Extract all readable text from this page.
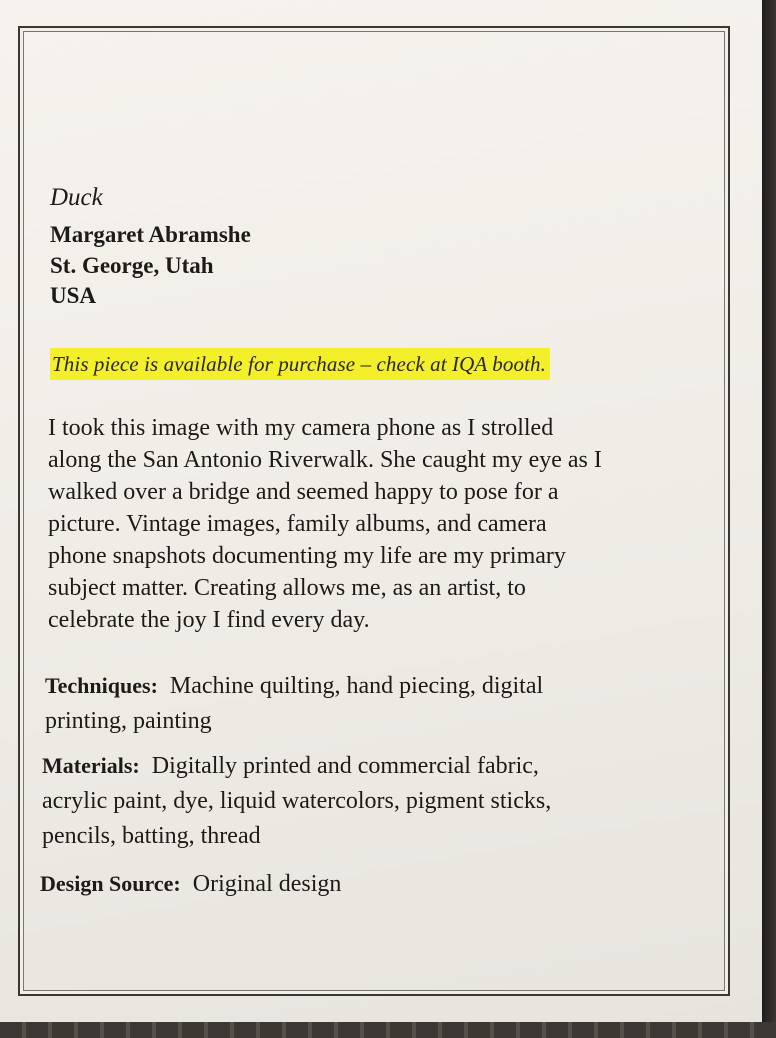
Duck
Margaret Abramshe
St. George, Utah
USA
This piece is available for purchase – check at IQA booth.
I took this image with my camera phone as I strolled
along the San Antonio Riverwalk. She caught my eye as I
walked over a bridge and seemed happy to pose for a
picture. Vintage images, family albums, and camera
phone snapshots documenting my life are my primary
subject matter. Creating allows me, as an artist, to
celebrate the joy I find every day.
Techniques: Machine quilting, hand piecing, digital
printing, painting
Materials: Digitally printed and commercial fabric,
acrylic paint, dye, liquid watercolors, pigment sticks,
pencils, batting, thread
Design Source: Original design
